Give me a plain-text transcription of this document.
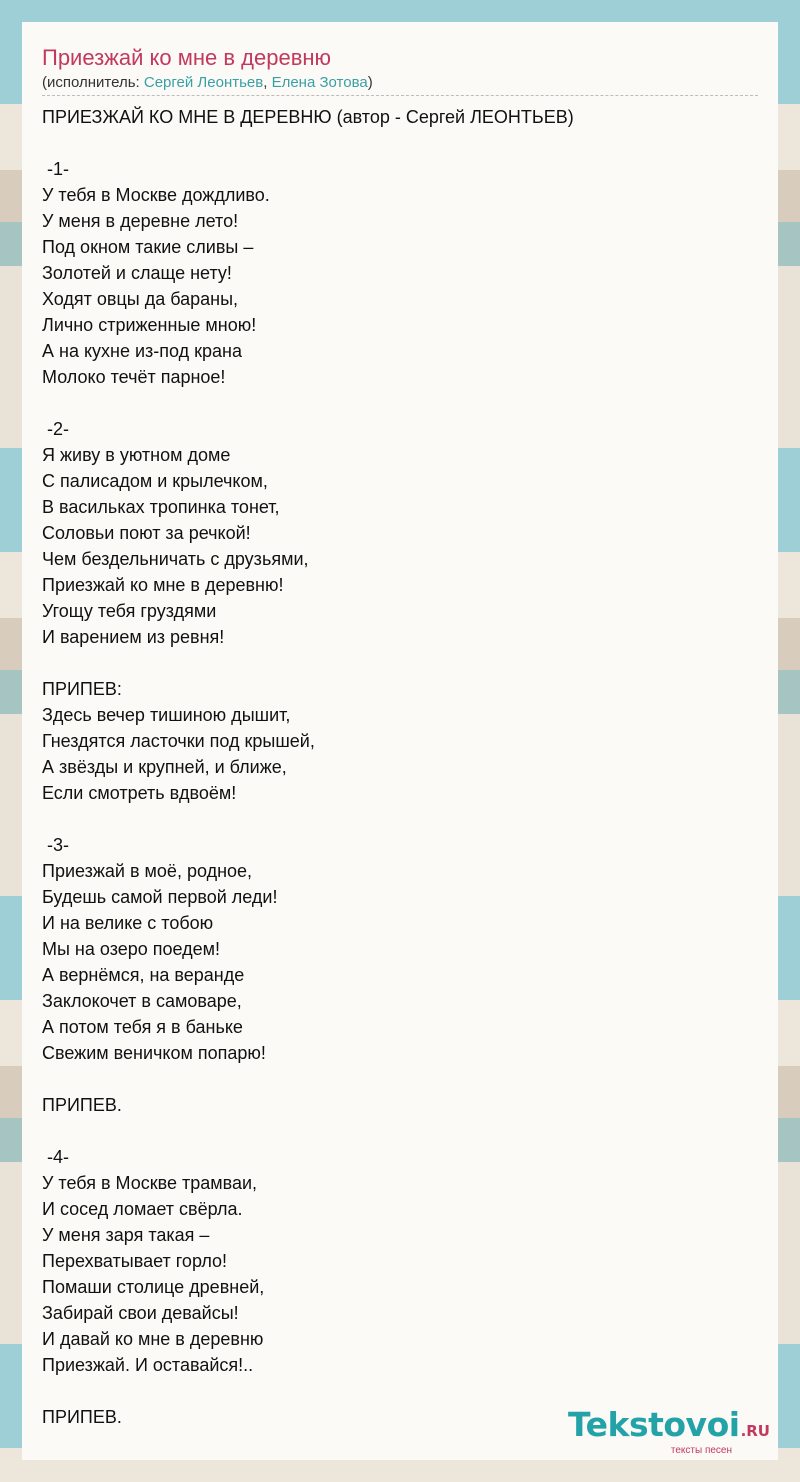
Приезжай ко мне в деревню
(исполнитель: Сергей Леонтьев, Елена Зотова)
ПРИЕЗЖАЙ КО МНЕ В ДЕРЕВНЮ (автор - Сергей ЛЕОНТЬЕВ)
-1-
У тебя в Москве дождливо.
У меня в деревне лето!
Под окном такие сливы –
Золотей и слаще нету!
Ходят овцы да бараны,
Лично стриженные мною!
А на кухне из-под крана
Молоко течёт парное!
-2-
Я живу в уютном доме
С палисадом и крылечком,
В васильках тропинка тонет,
Соловьи поют за речкой!
Чем бездельничать с друзьями,
Приезжай ко мне в деревню!
Угощу тебя груздями
И варением из ревня!
ПРИПЕВ:
Здесь вечер тишиною дышит,
Гнездятся ласточки под крышей,
А звёзды и крупней, и ближе,
Если смотреть вдвоём!
-3-
Приезжай в моё, родное,
Будешь самой первой леди!
И на велике с тобою
Мы на озеро поедем!
А вернёмся, на веранде
Заклокочет в самоваре,
А потом тебя я в баньке
Свежим веничком попарю!
ПРИПЕВ.
-4-
У тебя в Москве трамваи,
И сосед ломает свёрла.
У меня заря такая –
Перехватывает горло!
Помаши столице древней,
Забирай свои девайсы!
И давай ко мне в деревню
Приезжай. И оставайся!..
ПРИПЕВ.	Tekstovoi.RU
тексты песен
